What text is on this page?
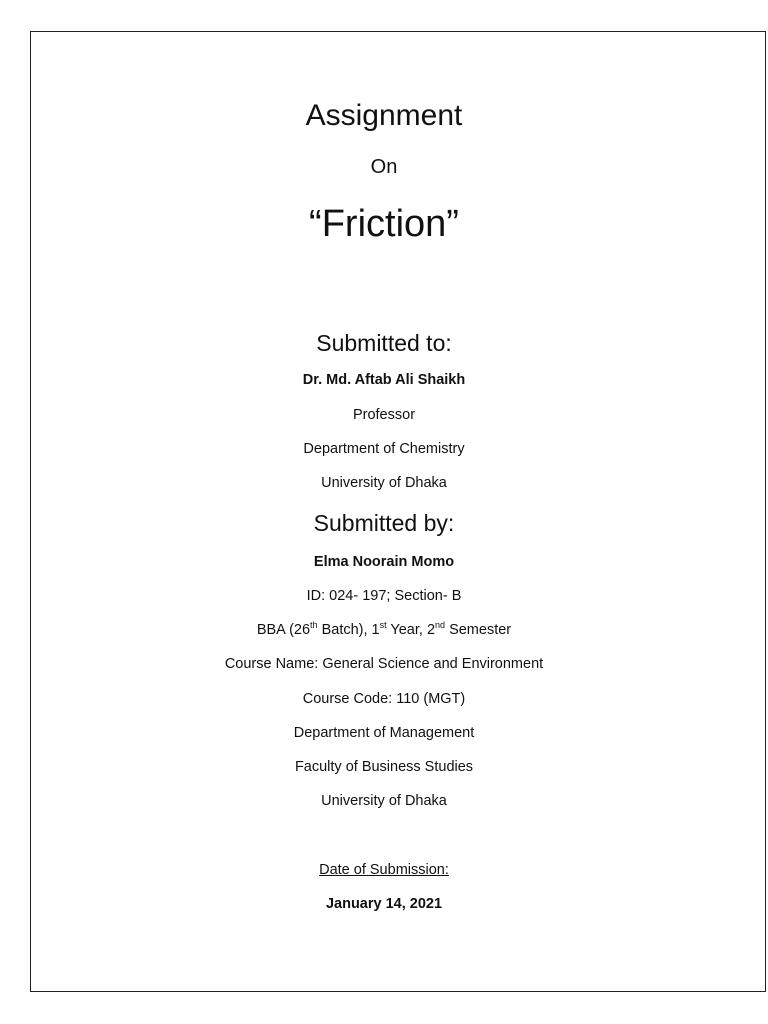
Assignment
On
“Friction”
Submitted to:
Dr. Md. Aftab Ali Shaikh
Professor
Department of Chemistry
University of Dhaka
Submitted by:
Elma Noorain Momo
ID: 024- 197; Section- B
BBA (26th Batch), 1st Year, 2nd Semester
Course Name: General Science and Environment
Course Code: 110 (MGT)
Department of Management
Faculty of Business Studies
University of Dhaka
Date of Submission:
January 14, 2021
